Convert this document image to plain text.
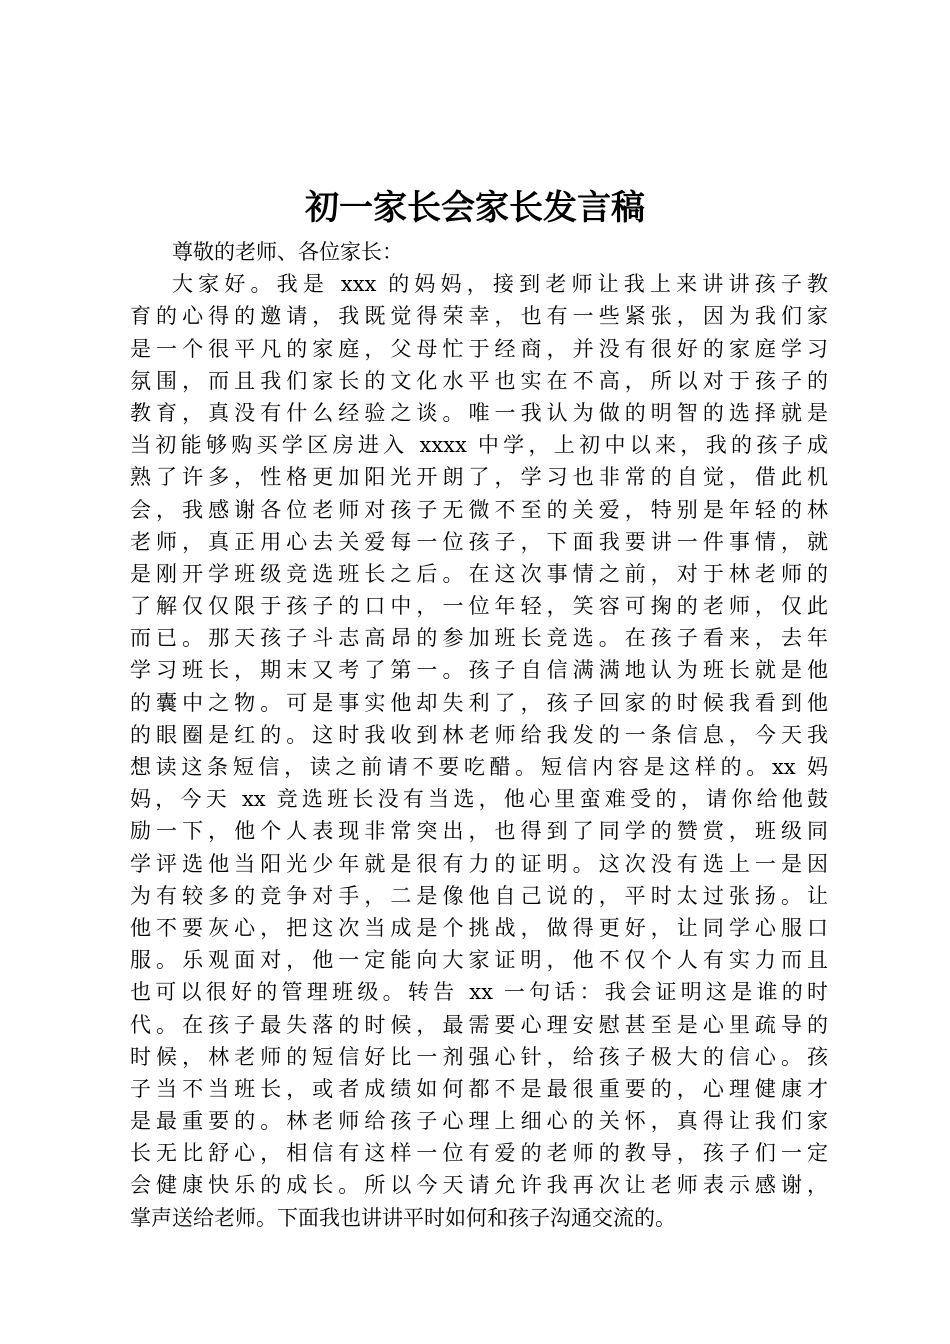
初一家长会家长发言稿
尊敬的老师、各位家长：
大家好。我是 xxx 的妈妈，接到老师让我上来讲讲孩子教
育的心得的邀请，我既觉得荣幸，也有一些紧张，因为我们家
是一个很平凡的家庭，父母忙于经商，并没有很好的家庭学习
氛围，而且我们家长的文化水平也实在不高，所以对于孩子的
教育，真没有什么经验之谈。唯一我认为做的明智的选择就是
当初能够购买学区房进入 xxxx 中学，上初中以来，我的孩子成
熟了许多，性格更加阳光开朗了，学习也非常的自觉，借此机
会，我感谢各位老师对孩子无微不至的关爱，特别是年轻的林
老师，真正用心去关爱每一位孩子，下面我要讲一件事情，就
是刚开学班级竞选班长之后。在这次事情之前，对于林老师的
了解仅仅限于孩子的口中，一位年轻，笑容可掬的老师，仅此
而已。那天孩子斗志高昂的参加班长竞选。在孩子看来，去年
学习班长，期末又考了第一。孩子自信满满地认为班长就是他
的囊中之物。可是事实他却失利了，孩子回家的时候我看到他
的眼圈是红的。这时我收到林老师给我发的一条信息，今天我
想读这条短信，读之前请不要吃醋。短信内容是这样的。xx 妈
妈，今天 xx 竞选班长没有当选，他心里蛮难受的，请你给他鼓
励一下，他个人表现非常突出，也得到了同学的赞赏，班级同
学评选他当阳光少年就是很有力的证明。这次没有选上一是因
为有较多的竞争对手，二是像他自己说的，平时太过张扬。让
他不要灰心，把这次当成是个挑战，做得更好，让同学心服口
服。乐观面对，他一定能向大家证明，他不仅个人有实力而且
也可以很好的管理班级。转告 xx 一句话：我会证明这是谁的时
代。在孩子最失落的时候，最需要心理安慰甚至是心里疏导的
时候，林老师的短信好比一剂强心针，给孩子极大的信心。孩
子当不当班长，或者成绩如何都不是最很重要的，心理健康才
是最重要的。林老师给孩子心理上细心的关怀，真得让我们家
长无比舒心，相信有这样一位有爱的老师的教导，孩子们一定
会健康快乐的成长。所以今天请允许我再次让老师表示感谢，
掌声送给老师。下面我也讲讲平时如何和孩子沟通交流的。
